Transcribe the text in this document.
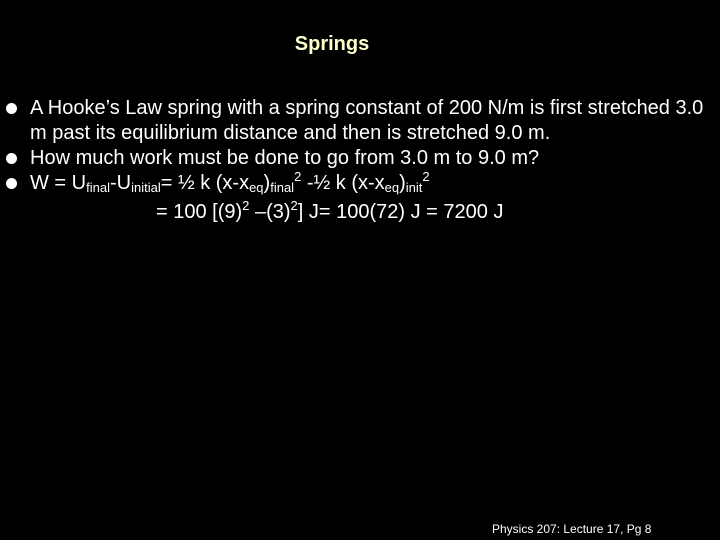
Springs
A Hooke’s Law spring with a spring constant of 200 N/m is first stretched 3.0 m past its equilibrium distance and then is stretched 9.0 m.
How much work must be done to go from 3.0 m to 9.0 m?
$W = U_{final}-U_{initial}=$ ½ k $(x-x_{eq})_{final}^2$ -½ k $(x-x_{eq})_{init}^2$
= 100 [$(9)^2$ $-(3)^2$] J= 100(72) J = 7200 J
Physics 207: Lecture 17, Pg 8
